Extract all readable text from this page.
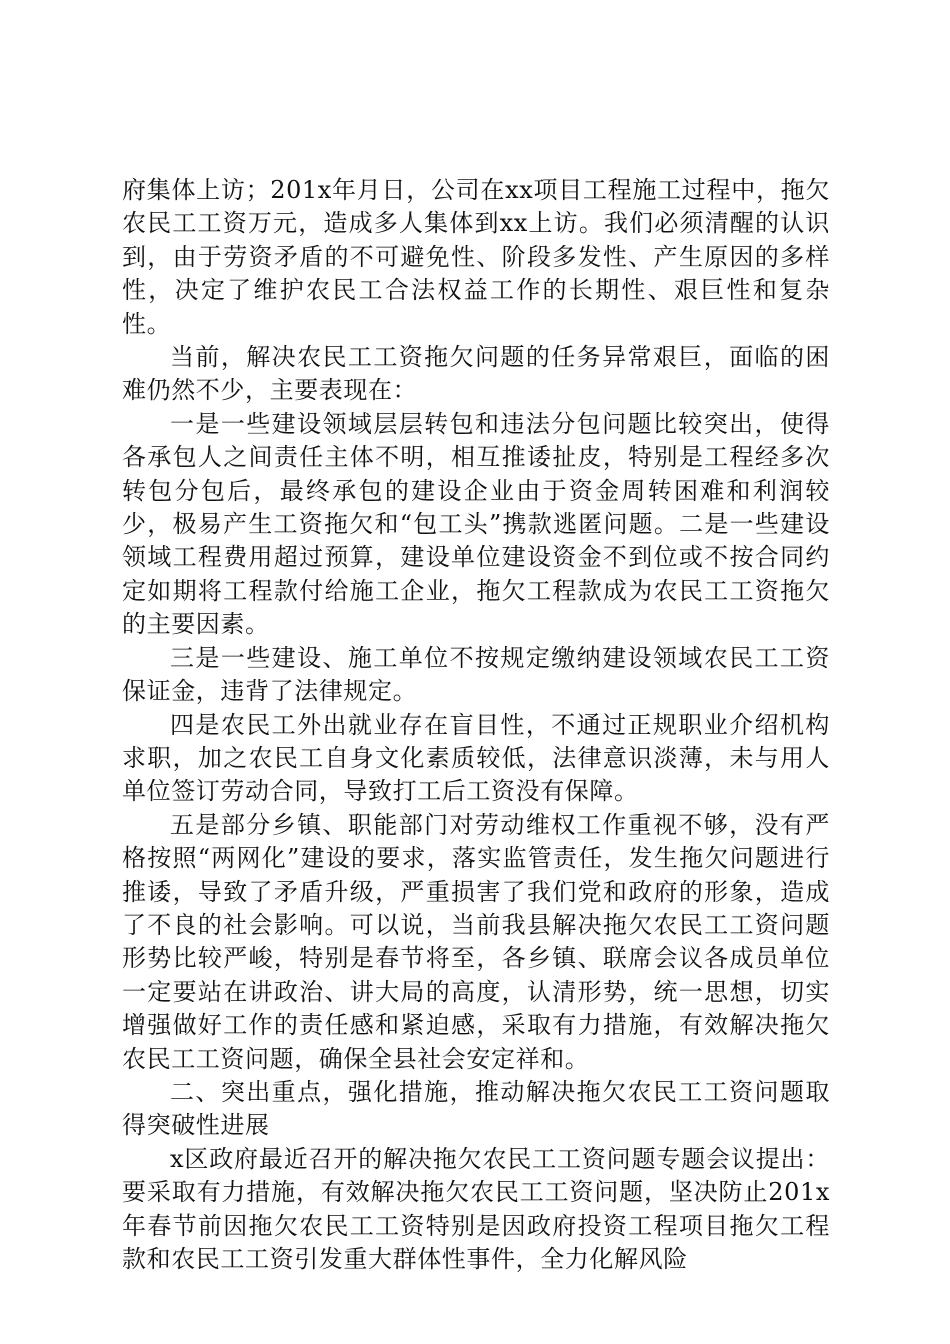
府集体上访；201x年月日，公司在xx项目工程施工过程中，拖欠农民工工资万元，造成多人集体到xx上访。我们必须清醒的认识到，由于劳资矛盾的不可避免性、阶段多发性、产生原因的多样性，决定了维护农民工合法权益工作的长期性、艰巨性和复杂性。

当前，解决农民工工资拖欠问题的任务异常艰巨，面临的困难仍然不少，主要表现在：

一是一些建设领域层层转包和违法分包问题比较突出，使得各承包人之间责任主体不明，相互推诿扯皮，特别是工程经多次转包分包后，最终承包的建设企业由于资金周转困难和利润较少，极易产生工资拖欠和“包工头”携款逃匿问题。二是一些建设领域工程费用超过预算，建设单位建设资金不到位或不按合同约定如期将工程款付给施工企业，拖欠工程款成为农民工工资拖欠的主要因素。

三是一些建设、施工单位不按规定缴纳建设领域农民工工资保证金，违背了法律规定。

四是农民工外出就业存在盲目性，不通过正规职业介绍机构求职，加之农民工自身文化素质较低，法律意识淡薄，未与用人单位签订劳动合同，导致打工后工资没有保障。

五是部分乡镇、职能部门对劳动维权工作重视不够，没有严格按照“两网化”建设的要求，落实监管责任，发生拖欠问题进行推诿，导致了矛盾升级，严重损害了我们党和政府的形象，造成了不良的社会影响。可以说，当前我县解决拖欠农民工工资问题形势比较严峻，特别是春节将至，各乡镇、联席会议各成员单位一定要站在讲政治、讲大局的高度，认清形势，统一思想，切实增强做好工作的责任感和紧迫感，采取有力措施，有效解决拖欠农民工工资问题，确保全县社会安定祥和。

二、突出重点，强化措施，推动解决拖欠农民工工资问题取得突破性进展

x区政府最近召开的解决拖欠农民工工资问题专题会议提出：要采取有力措施，有效解决拖欠农民工工资问题，坚决防止201x年春节前因拖欠农民工工资特别是因政府投资工程项目拖欠工程款和农民工工资引发重大群体性事件，全力化解风险
